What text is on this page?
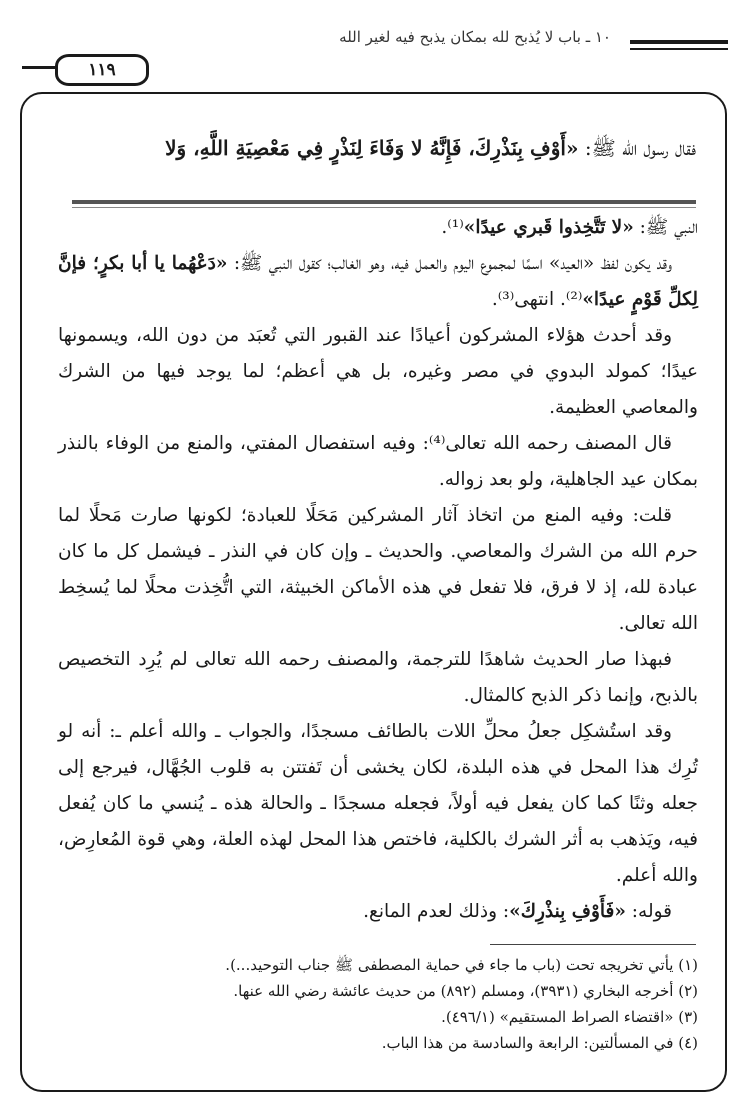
١٠ ـ باب لا يُذبح لله بمكان يذبح فيه لغير الله
١١٩
فقال رسول الله ﷺ: «أَوْفِ بِنَذْرِكَ، فَإِنَّهُ لا وَفَاءَ لِنَذْرٍ فِي مَعْصِيَةِ اللَّهِ، وَلا

النبي ﷺ: «لا تَتَّخِذوا قَبري عيدًا»⁽¹⁾.

وقد يكون لفظ «العيد» اسمًا لمجموع اليوم والعمل فيه، وهو الغالب؛ كقول النبي ﷺ: «دَعْهُما يا أبا بكرٍ؛ فإنَّ لِكلِّ قَوْمٍ عيدًا»⁽²⁾. انتهى⁽³⁾.

وقد أحدث هؤلاء المشركون أعيادًا عند القبور التي تُعبَد من دون الله، ويسمونها عيدًا؛ كمولد البدوي في مصر وغيره، بل هي أعظم؛ لما يوجد فيها من الشرك والمعاصي العظيمة.

قال المصنف رحمه الله تعالى⁽⁴⁾: وفيه استفصال المفتي، والمنع من الوفاء بالنذر بمكان عيد الجاهلية، ولو بعد زواله.

قلت: وفيه المنع من اتخاذ آثار المشركين مَحَلًا للعبادة؛ لكونها صارت مَحلًا لما حرم الله من الشرك والمعاصي. والحديث ـ وإن كان في النذر ـ فيشمل كل ما كان عبادة لله، إذ لا فرق، فلا تفعل في هذه الأماكن الخبيثة، التي اتُّخِذت محلًا لما يُسخِط الله تعالى.

فبهذا صار الحديث شاهدًا للترجمة، والمصنف رحمه الله تعالى لم يُرِد التخصيص بالذبح، وإنما ذكر الذبح كالمثال.

وقد استُشكِل جعلُ محلِّ اللات بالطائف مسجدًا، والجواب ـ والله أعلم ـ: أنه لو تُرِك هذا المحل في هذه البلدة، لكان يخشى أن تَفتتن به قلوب الجُهَّال، فيرجع إلى جعله وثنًا كما كان يفعل فيه أولاً، فجعله مسجدًا ـ والحالة هذه ـ يُنسي ما كان يُفعل فيه، ويَذهب به أثر الشرك بالكلية، فاختص هذا المحل لهذه العلة، وهي قوة المُعارِض، والله أعلم.

قوله: «فَأَوْفِ بِنذْرِكَ»: وذلك لعدم المانع.

(١) يأتي تخريجه تحت (باب ما جاء في حماية المصطفى ﷺ جناب التوحيد...).
(٢) أخرجه البخاري (٣٩٣١)، ومسلم (٨٩٢) من حديث عائشة رضي الله عنها.
(٣) «اقتضاء الصراط المستقيم» (٤٩٦/١).
(٤) في المسألتين: الرابعة والسادسة من هذا الباب.
